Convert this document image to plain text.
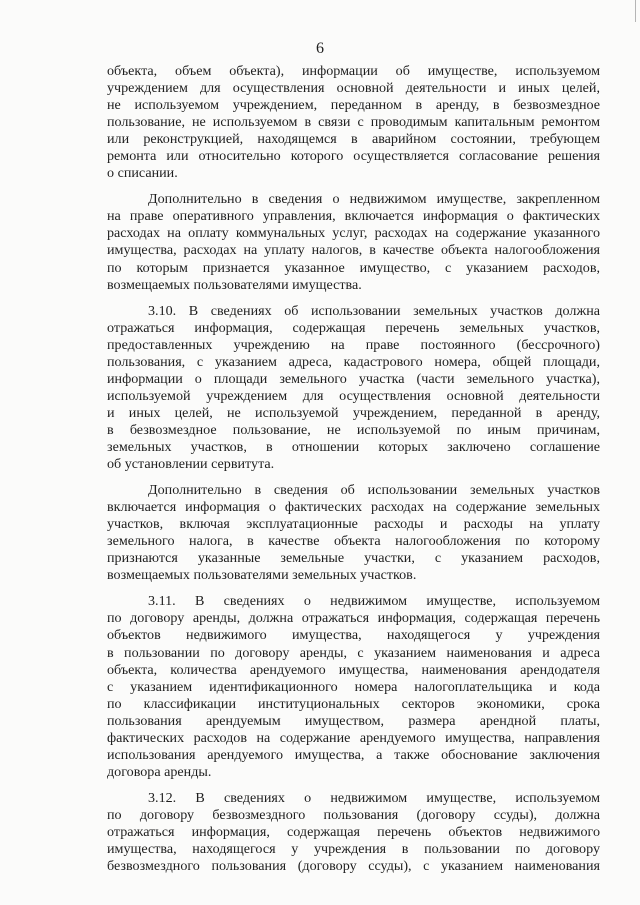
6
объекта, объем объекта), информации об имуществе, используемом
учреждением для осуществления основной деятельности и иных целей,
не используемом учреждением, переданном в аренду, в безвозмездное
пользование, не используемом в связи с проводимым капитальным ремонтом
или реконструкцией, находящемся в аварийном состоянии, требующем
ремонта или относительно которого осуществляется согласование решения
о списании.
Дополнительно в сведения о недвижимом имуществе, закрепленном
на праве оперативного управления, включается информация о фактических
расходах на оплату коммунальных услуг, расходах на содержание указанного
имущества, расходах на уплату налогов, в качестве объекта налогообложения
по которым признается указанное имущество, с указанием расходов,
возмещаемых пользователями имущества.
3.10. В сведениях об использовании земельных участков должна
отражаться информация, содержащая перечень земельных участков,
предоставленных учреждению на праве постоянного (бессрочного)
пользования, с указанием адреса, кадастрового номера, общей площади,
информации о площади земельного участка (части земельного участка),
используемой учреждением для осуществления основной деятельности
и иных целей, не используемой учреждением, переданной в аренду,
в безвозмездное пользование, не используемой по иным причинам,
земельных участков, в отношении которых заключено соглашение
об установлении сервитута.
Дополнительно в сведения об использовании земельных участков
включается информация о фактических расходах на содержание земельных
участков, включая эксплуатационные расходы и расходы на уплату
земельного налога, в качестве объекта налогообложения по которому
признаются указанные земельные участки, с указанием расходов,
возмещаемых пользователями земельных участков.
3.11. В сведениях о недвижимом имуществе, используемом
по договору аренды, должна отражаться информация, содержащая перечень
объектов недвижимого имущества, находящегося у учреждения
в пользовании по договору аренды, с указанием наименования и адреса
объекта, количества арендуемого имущества, наименования арендодателя
с указанием идентификационного номера налогоплательщика и кода
по классификации институциональных секторов экономики, срока
пользования арендуемым имуществом, размера арендной платы,
фактических расходов на содержание арендуемого имущества, направления
использования арендуемого имущества, а также обоснование заключения
договора аренды.
3.12. В сведениях о недвижимом имуществе, используемом
по договору безвозмездного пользования (договору ссуды), должна
отражаться информация, содержащая перечень объектов недвижимого
имущества, находящегося у учреждения в пользовании по договору
безвозмездного пользования (договору ссуды), с указанием наименования
